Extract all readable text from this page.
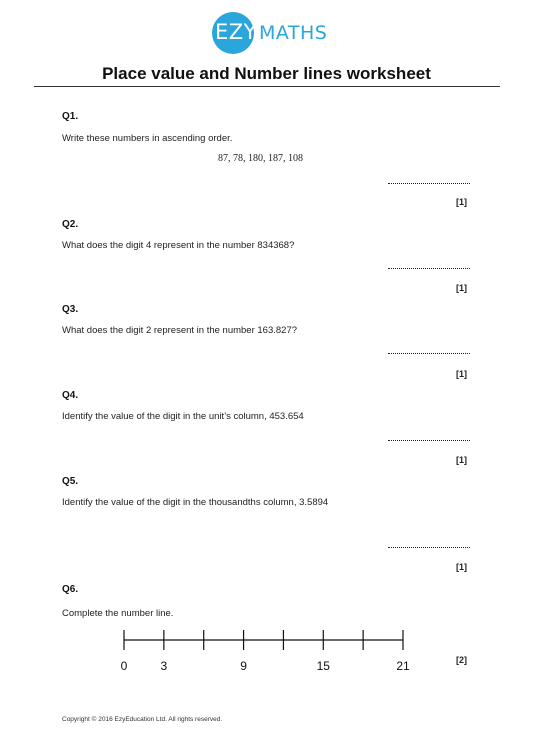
EZY MATHS
Place value and Number lines worksheet
Q1.
Write these numbers in ascending order.
87, 78, 180, 187, 108
[1]
Q2.
What does the digit 4 represent in the number 834368?
[1]
Q3.
What does the digit 2 represent in the number 163.827?
[1]
Q4.
Identify the value of the digit in the unit’s column, 453.654
[1]
Q5.
Identify the value of the digit in the thousandths column, 3.5894
[1]
Q6.
Complete the number line.
0	3	9	15	21	[2]
Copyright © 2016 EzyEducation Ltd. All rights reserved.
